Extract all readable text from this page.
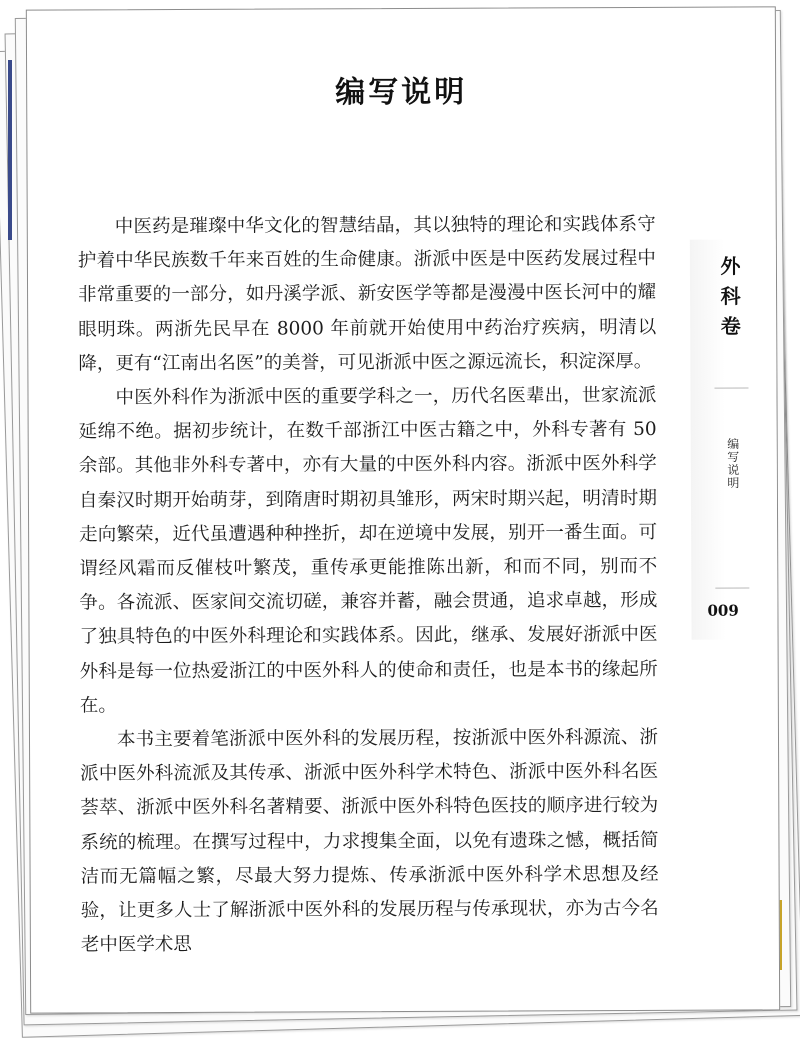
编写说明

中医药是璀璨中华文化的智慧结晶，其以独特的理论和实践体系守护着中华民族数千年来百姓的生命健康。浙派中医是中医药发展过程中非常重要的一部分，如丹溪学派、新安医学等都是漫漫中医长河中的耀眼明珠。两浙先民早在 8000 年前就开始使用中药治疗疾病，明清以降，更有“江南出名医”的美誉，可见浙派中医之源远流长，积淀深厚。

中医外科作为浙派中医的重要学科之一，历代名医辈出，世家流派延绵不绝。据初步统计，在数千部浙江中医古籍之中，外科专著有 50 余部。其他非外科专著中，亦有大量的中医外科内容。浙派中医外科学自秦汉时期开始萌芽，到隋唐时期初具雏形，两宋时期兴起，明清时期走向繁荣，近代虽遭遇种种挫折，却在逆境中发展，别开一番生面。可谓经风霜而反催枝叶繁茂，重传承更能推陈出新，和而不同，别而不争。各流派、医家间交流切磋，兼容并蓄，融会贯通，追求卓越，形成了独具特色的中医外科理论和实践体系。因此，继承、发展好浙派中医外科是每一位热爱浙江的中医外科人的使命和责任，也是本书的缘起所在。

本书主要着笔浙派中医外科的发展历程，按浙派中医外科源流、浙派中医外科流派及其传承、浙派中医外科学术特色、浙派中医外科名医荟萃、浙派中医外科名著精要、浙派中医外科特色医技的顺序进行较为系统的梳理。在撰写过程中，力求搜集全面，以免有遗珠之憾，概括简洁而无篇幅之繁，尽最大努力提炼、传承浙派中医外科学术思想及经验，让更多人士了解浙派中医外科的发展历程与传承现状，亦为古今名老中医学术思

外科卷
编写说明
009
